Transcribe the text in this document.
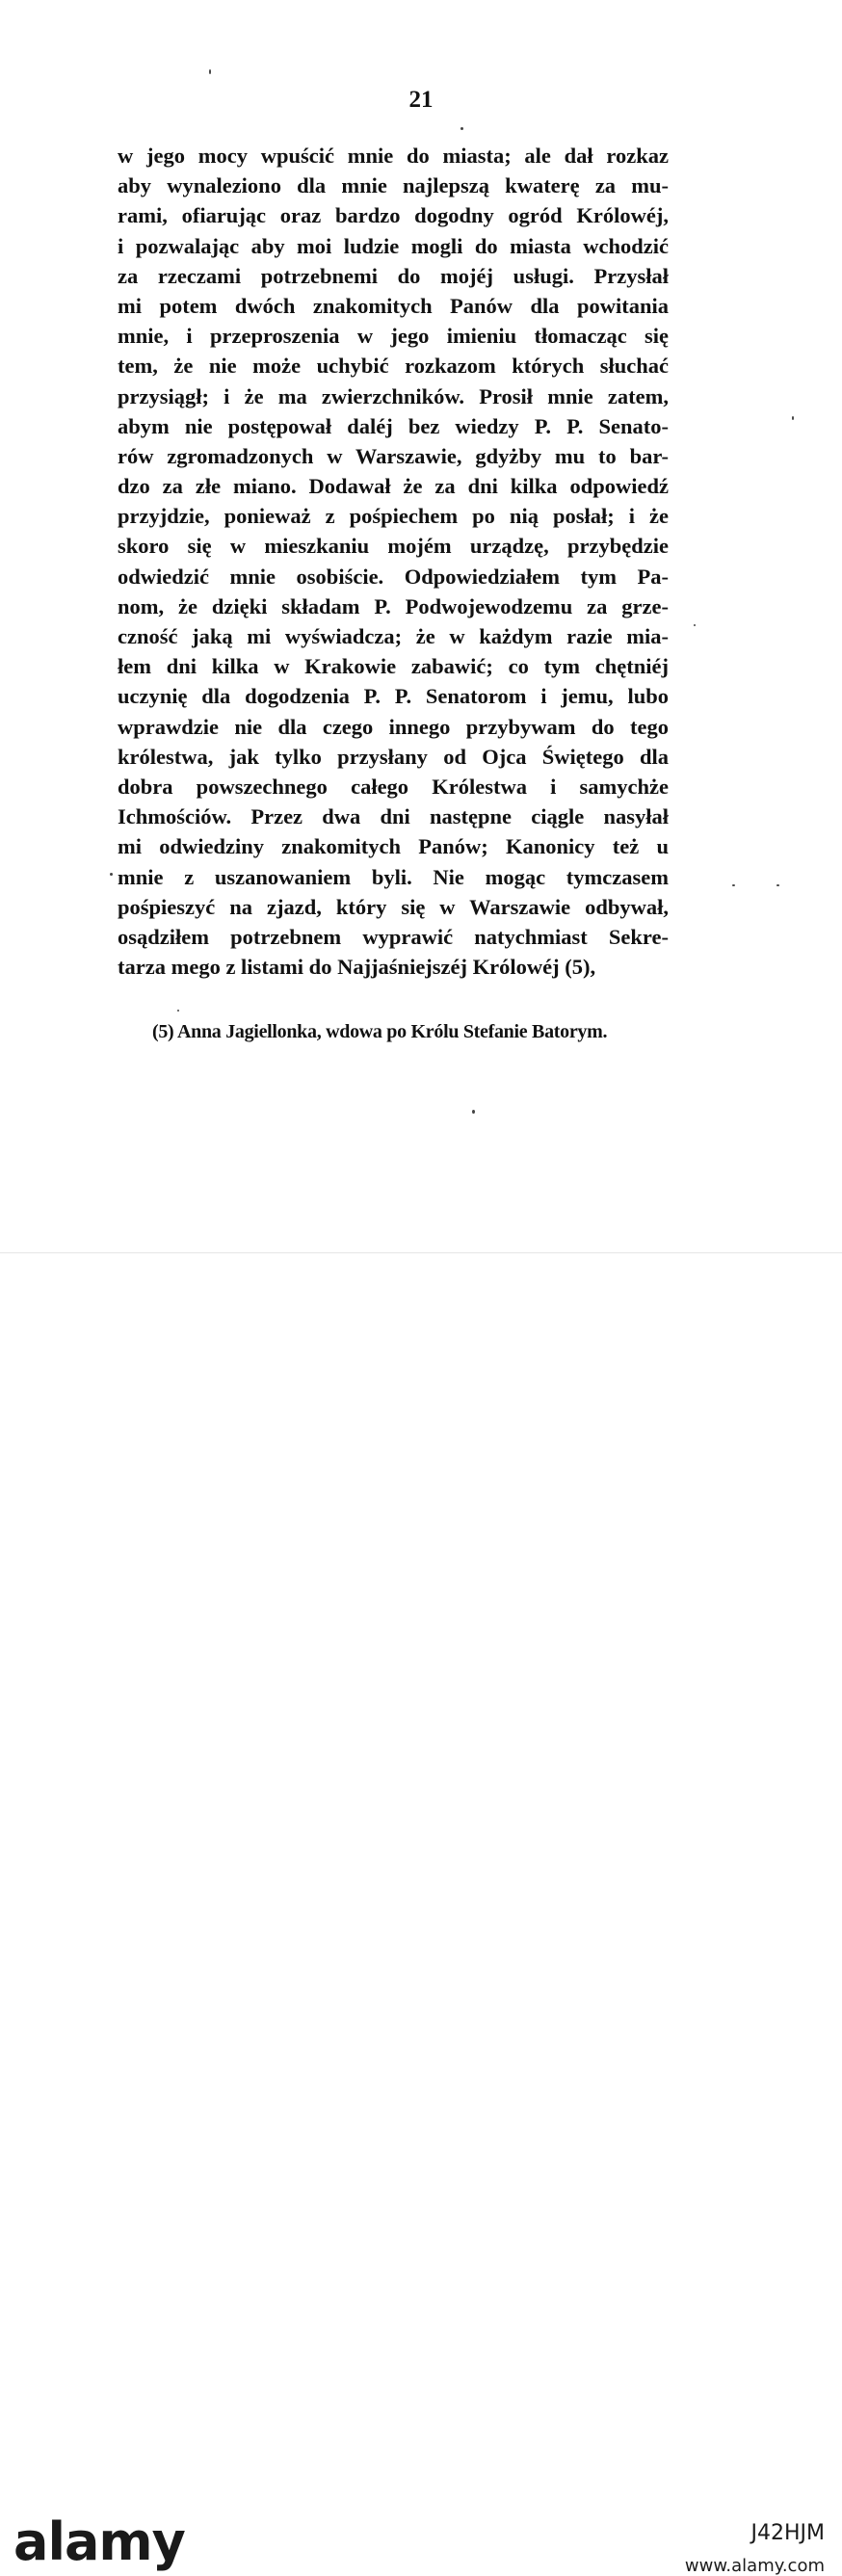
21
w jego mocy wpuścić mnie do miasta; ale dał rozkaz
aby wynaleziono dla mnie najlepszą kwaterę za mu-
rami, ofiarując oraz bardzo dogodny ogród Królowéj,
i pozwalając aby moi ludzie mogli do miasta wchodzić
za rzeczami potrzebnemi do mojéj usługi. Przysłał
mi potem dwóch znakomitych Panów dla powitania
mnie, i przeproszenia w jego imieniu tłomacząc się
tem, że nie może uchybić rozkazom których słuchać
przysiągł; i że ma zwierzchników. Prosił mnie zatem,
abym nie postępował daléj bez wiedzy P. P. Senato-
rów zgromadzonych w Warszawie, gdyżby mu to bar-
dzo za złe miano. Dodawał że za dni kilka odpowiedź
przyjdzie, ponieważ z pośpiechem po nią posłał; i że
skoro się w mieszkaniu mojém urządzę, przybędzie
odwiedzić mnie osobiście. Odpowiedziałem tym Pa-
nom, że dzięki składam P. Podwojewodzemu za grze-
czność jaką mi wyświadcza; że w każdym razie mia-
łem dni kilka w Krakowie zabawić; co tym chętniéj
uczynię dla dogodzenia P. P. Senatorom i jemu, lubo
wprawdzie nie dla czego innego przybywam do tego
królestwa, jak tylko przysłany od Ojca Świętego dla
dobra powszechnego całego Królestwa i samychże
Ichmościów. Przez dwa dni następne ciągle nasyłał
mi odwiedziny znakomitych Panów; Kanonicy też u
mnie z uszanowaniem byli. Nie mogąc tymczasem
pośpieszyć na zjazd, który się w Warszawie odbywał,
osądziłem potrzebnem wyprawić natychmiast Sekre-
tarza mego z listami do Najjaśniejszéj Królowéj (5),
(5) Anna Jagiellonka, wdowa po Królu Stefanie Batorym.
alamy	J42HJM
www.alamy.com
